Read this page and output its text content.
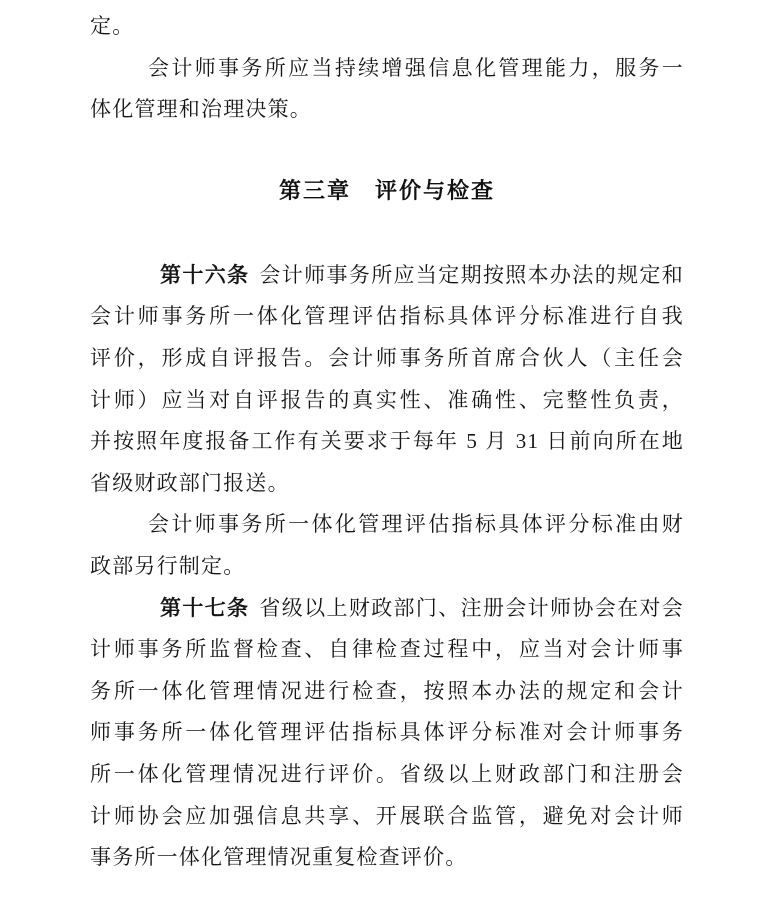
定。
会计师事务所应当持续增强信息化管理能力，服务一
体化管理和治理决策。
第三章　评价与检查
第十六条 会计师事务所应当定期按照本办法的规定和
会计师事务所一体化管理评估指标具体评分标准进行自我
评价，形成自评报告。会计师事务所首席合伙人（主任会
计师）应当对自评报告的真实性、准确性、完整性负责，
并按照年度报备工作有关要求于每年 5 月 31 日前向所在地
省级财政部门报送。
会计师事务所一体化管理评估指标具体评分标准由财
政部另行制定。
第十七条 省级以上财政部门、注册会计师协会在对会
计师事务所监督检查、自律检查过程中，应当对会计师事
务所一体化管理情况进行检查，按照本办法的规定和会计
师事务所一体化管理评估指标具体评分标准对会计师事务
所一体化管理情况进行评价。省级以上财政部门和注册会
计师协会应加强信息共享、开展联合监管，避免对会计师
事务所一体化管理情况重复检查评价。
